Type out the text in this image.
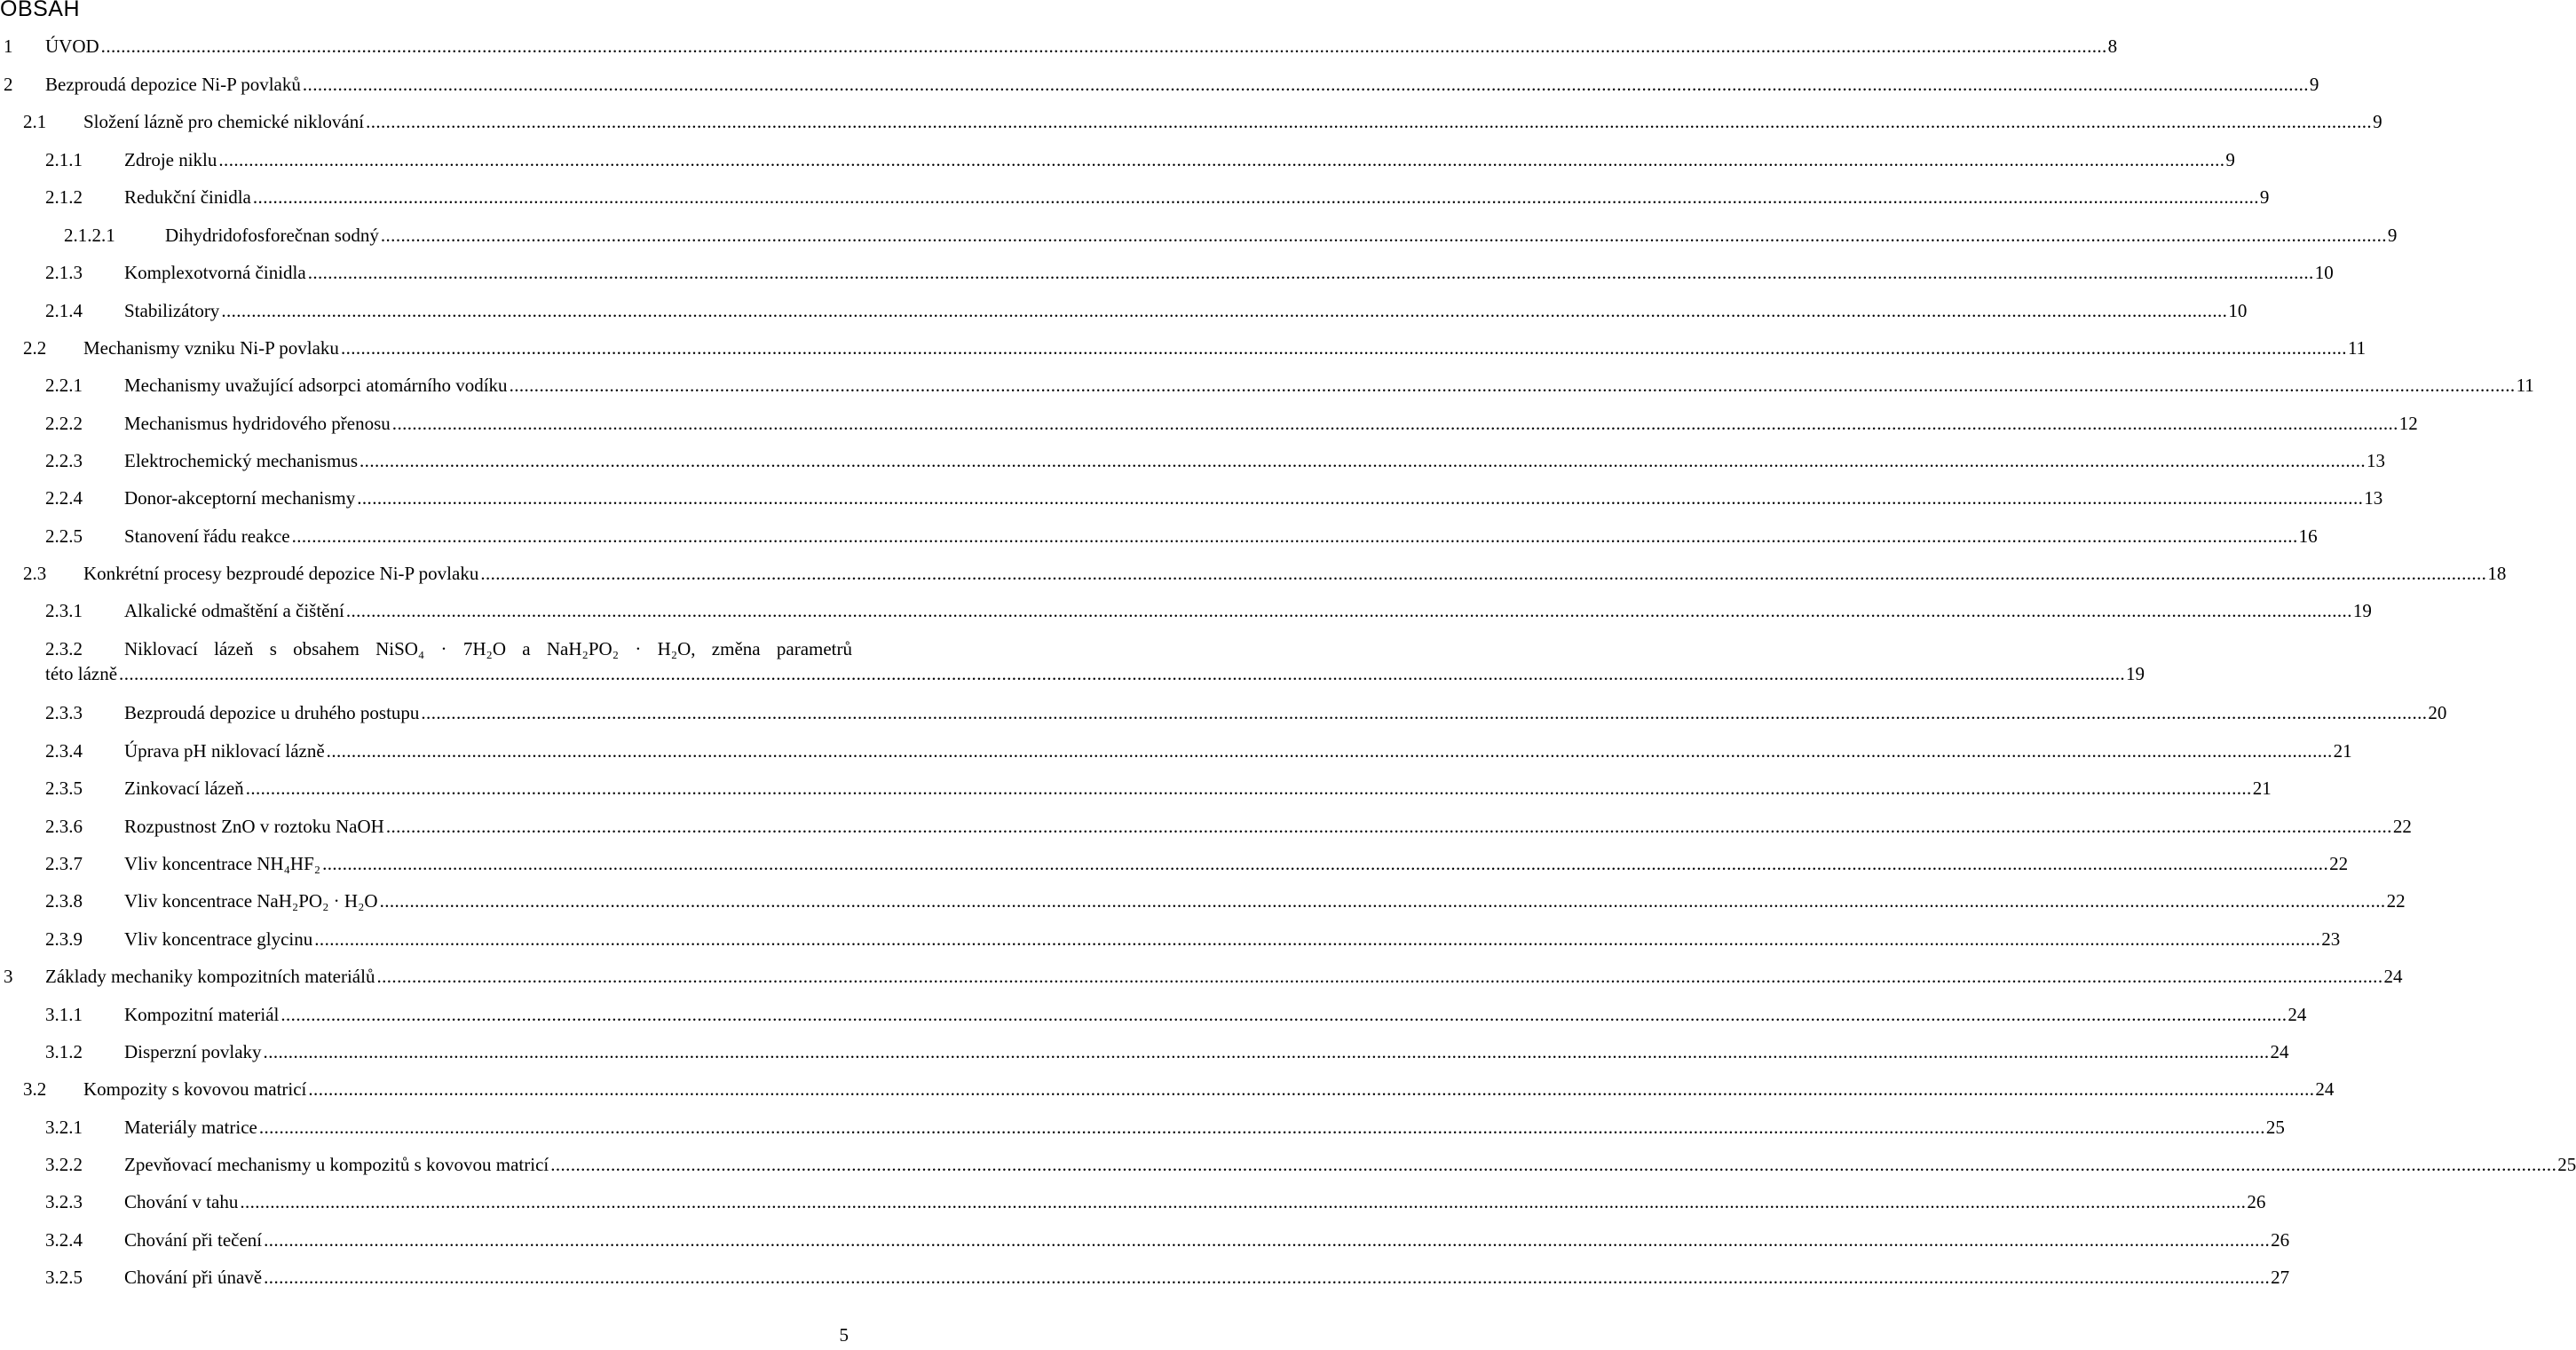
OBSAH
1 ÚVOD ................................................................................................................................................................................................................................................................................................................................................................................................................ 8
2 Bezproudá depozice Ni-P povlaků ................................................................................................................................................................................................................................................................................................................................................................................................................ 9
2.1 Složení lázně pro chemické niklování ................................................................................................................................................................................................................................................................................................................................................................................................................ 9
2.1.1 Zdroje niklu ................................................................................................................................................................................................................................................................................................................................................................................................................ 9
2.1.2 Redukční činidla ................................................................................................................................................................................................................................................................................................................................................................................................................ 9
2.1.2.1	Dihydridofosforečnan sodný ................................................................................................................................................................................................................................................................................................................................................................................................................ 9
2.1.3 Komplexotvorná činidla ................................................................................................................................................................................................................................................................................................................................................................................................................ 10
2.1.4 Stabilizátory ................................................................................................................................................................................................................................................................................................................................................................................................................ 10
2.2 Mechanismy vzniku Ni-P povlaku ................................................................................................................................................................................................................................................................................................................................................................................................................ 11
2.2.1 Mechanismy uvažující adsorpci atomárního vodíku ................................................................................................................................................................................................................................................................................................................................................................................................................ 11
2.2.2 Mechanismus hydridového přenosu ................................................................................................................................................................................................................................................................................................................................................................................................................ 12
2.2.3 Elektrochemický mechanismus ................................................................................................................................................................................................................................................................................................................................................................................................................ 13
2.2.4 Donor-akceptorní mechanismy ................................................................................................................................................................................................................................................................................................................................................................................................................ 13
2.2.5 Stanovení řádu reakce ................................................................................................................................................................................................................................................................................................................................................................................................................ 16
2.3 Konkrétní procesy bezproudé depozice Ni-P povlaku ................................................................................................................................................................................................................................................................................................................................................................................................................ 18
2.3.1 Alkalické odmaštění a čištění ................................................................................................................................................................................................................................................................................................................................................................................................................ 19
2.3.2 Niklovací lázeň s obsahem NiSO₄ · 7H₂O a NaH₂PO₂ · H₂O, změna parametrů
této lázně ................................................................................................................................................................................................................................................................................................................................................................................................................ 19
2.3.3 Bezproudá depozice u druhého postupu ................................................................................................................................................................................................................................................................................................................................................................................................................ 20
2.3.4 Úprava pH niklovací lázně ................................................................................................................................................................................................................................................................................................................................................................................................................ 21
2.3.5 Zinkovací lázeň ................................................................................................................................................................................................................................................................................................................................................................................................................ 21
2.3.6 Rozpustnost ZnO v roztoku NaOH ................................................................................................................................................................................................................................................................................................................................................................................................................ 22
2.3.7 Vliv koncentrace NH₄HF₂ ................................................................................................................................................................................................................................................................................................................................................................................................................ 22
2.3.8 Vliv koncentrace NaH₂PO₂ · H₂O ................................................................................................................................................................................................................................................................................................................................................................................................................ 22
2.3.9 Vliv koncentrace glycinu ................................................................................................................................................................................................................................................................................................................................................................................................................ 23
3 Základy mechaniky kompozitních materiálů ................................................................................................................................................................................................................................................................................................................................................................................................................ 24
3.1.1 Kompozitní materiál ................................................................................................................................................................................................................................................................................................................................................................................................................ 24
3.1.2 Disperzní povlaky ................................................................................................................................................................................................................................................................................................................................................................................................................ 24
3.2 Kompozity s kovovou matricí ................................................................................................................................................................................................................................................................................................................................................................................................................ 24
3.2.1 Materiály matrice ................................................................................................................................................................................................................................................................................................................................................................................................................ 25
3.2.2 Zpevňovací mechanismy u kompozitů s kovovou matricí ................................................................................................................................................................................................................................................................................................................................................................................................................ 25
3.2.3 Chování v tahu ................................................................................................................................................................................................................................................................................................................................................................................................................ 26
3.2.4 Chování při tečení ................................................................................................................................................................................................................................................................................................................................................................................................................ 26
3.2.5 Chování při únavě ................................................................................................................................................................................................................................................................................................................................................................................................................ 27
5
